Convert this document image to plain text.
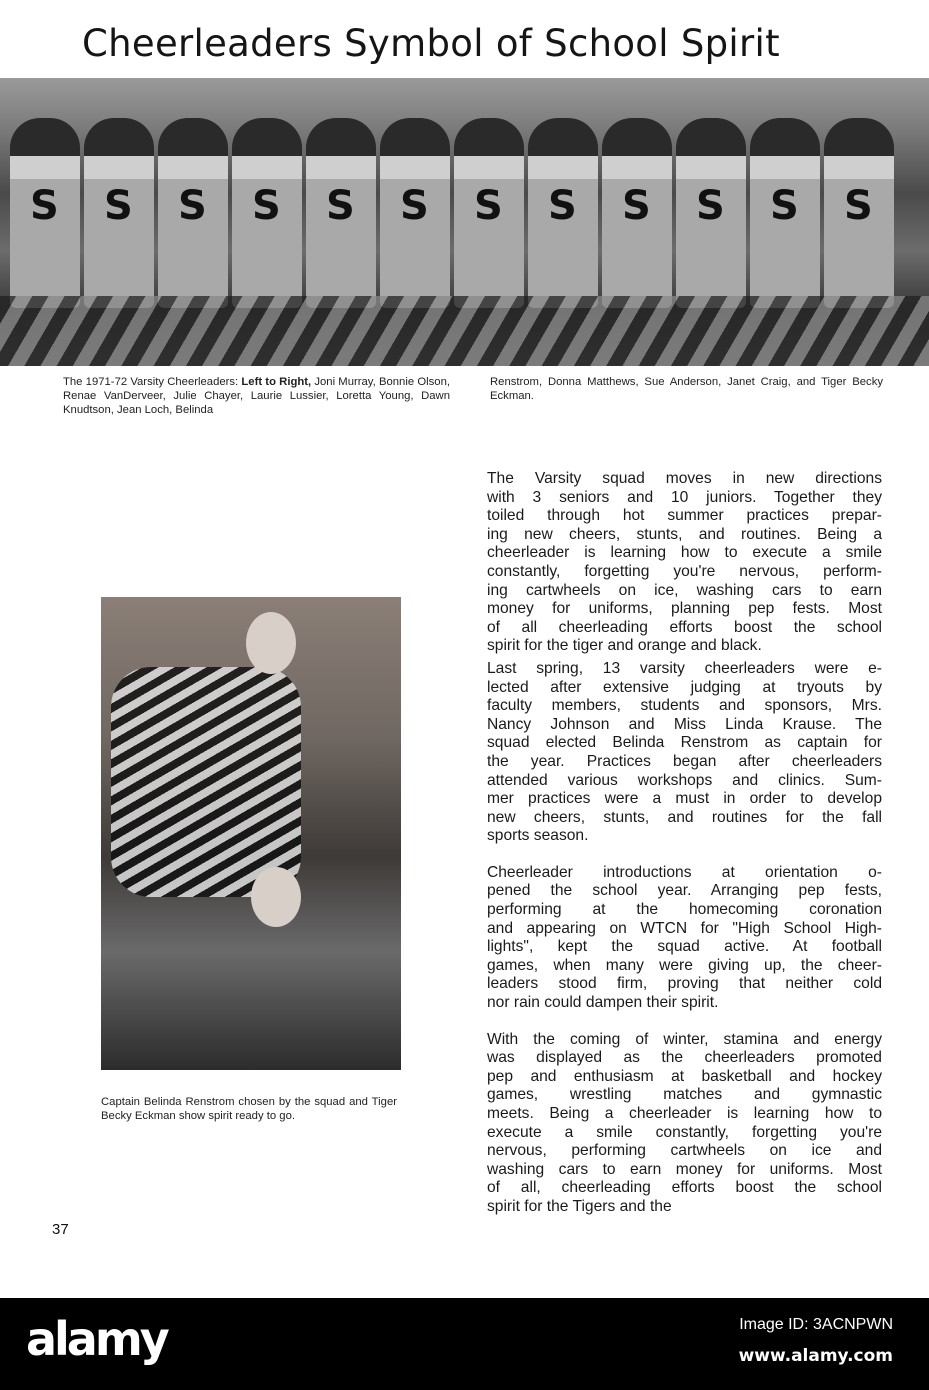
Cheerleaders Symbol of School Spirit
S S S S S S S S S S S S
The 1971-72 Varsity Cheerleaders: Left to Right, Joni Murray, Bonnie Olson, Renae VanDerveer, Julie Chayer, Laurie Lussier, Loretta Young, Dawn Knudtson, Jean Loch, Belinda
Renstrom, Donna Matthews, Sue Anderson, Janet Craig, and Tiger Becky Eckman.
Captain Belinda Renstrom chosen by the squad and Tiger Becky Eckman show spirit ready to go.
The Varsity squad moves in new directions
with 3 seniors and 10 juniors. Together they
toiled through hot summer practices prepar-
ing new cheers, stunts, and routines. Being a
cheerleader is learning how to execute a smile
constantly, forgetting you're nervous, perform-
ing cartwheels on ice, washing cars to earn
money for uniforms, planning pep fests. Most
of all cheerleading efforts boost the school
spirit for the tiger and orange and black.
Last spring, 13 varsity cheerleaders were e-
lected after extensive judging at tryouts by
faculty members, students and sponsors, Mrs.
Nancy Johnson and Miss Linda Krause. The
squad elected Belinda Renstrom as captain for
the year. Practices began after cheerleaders
attended various workshops and clinics. Sum-
mer practices were a must in order to develop
new cheers, stunts, and routines for the fall
sports season.
Cheerleader introductions at orientation o-
pened the school year. Arranging pep fests,
performing at the homecoming coronation
and appearing on WTCN for "High School High-
lights", kept the squad active. At football
games, when many were giving up, the cheer-
leaders stood firm, proving that neither cold
nor rain could dampen their spirit.
With the coming of winter, stamina and energy
was displayed as the cheerleaders promoted
pep and enthusiasm at basketball and hockey
games, wrestling matches and gymnastic
meets. Being a cheerleader is learning how to
execute a smile constantly, forgetting you're
nervous, performing cartwheels on ice and
washing cars to earn money for uniforms. Most
of all, cheerleading efforts boost the school
spirit for the Tigers and the
37
alamy	Image ID: 3ACNPWN
www.alamy.com
